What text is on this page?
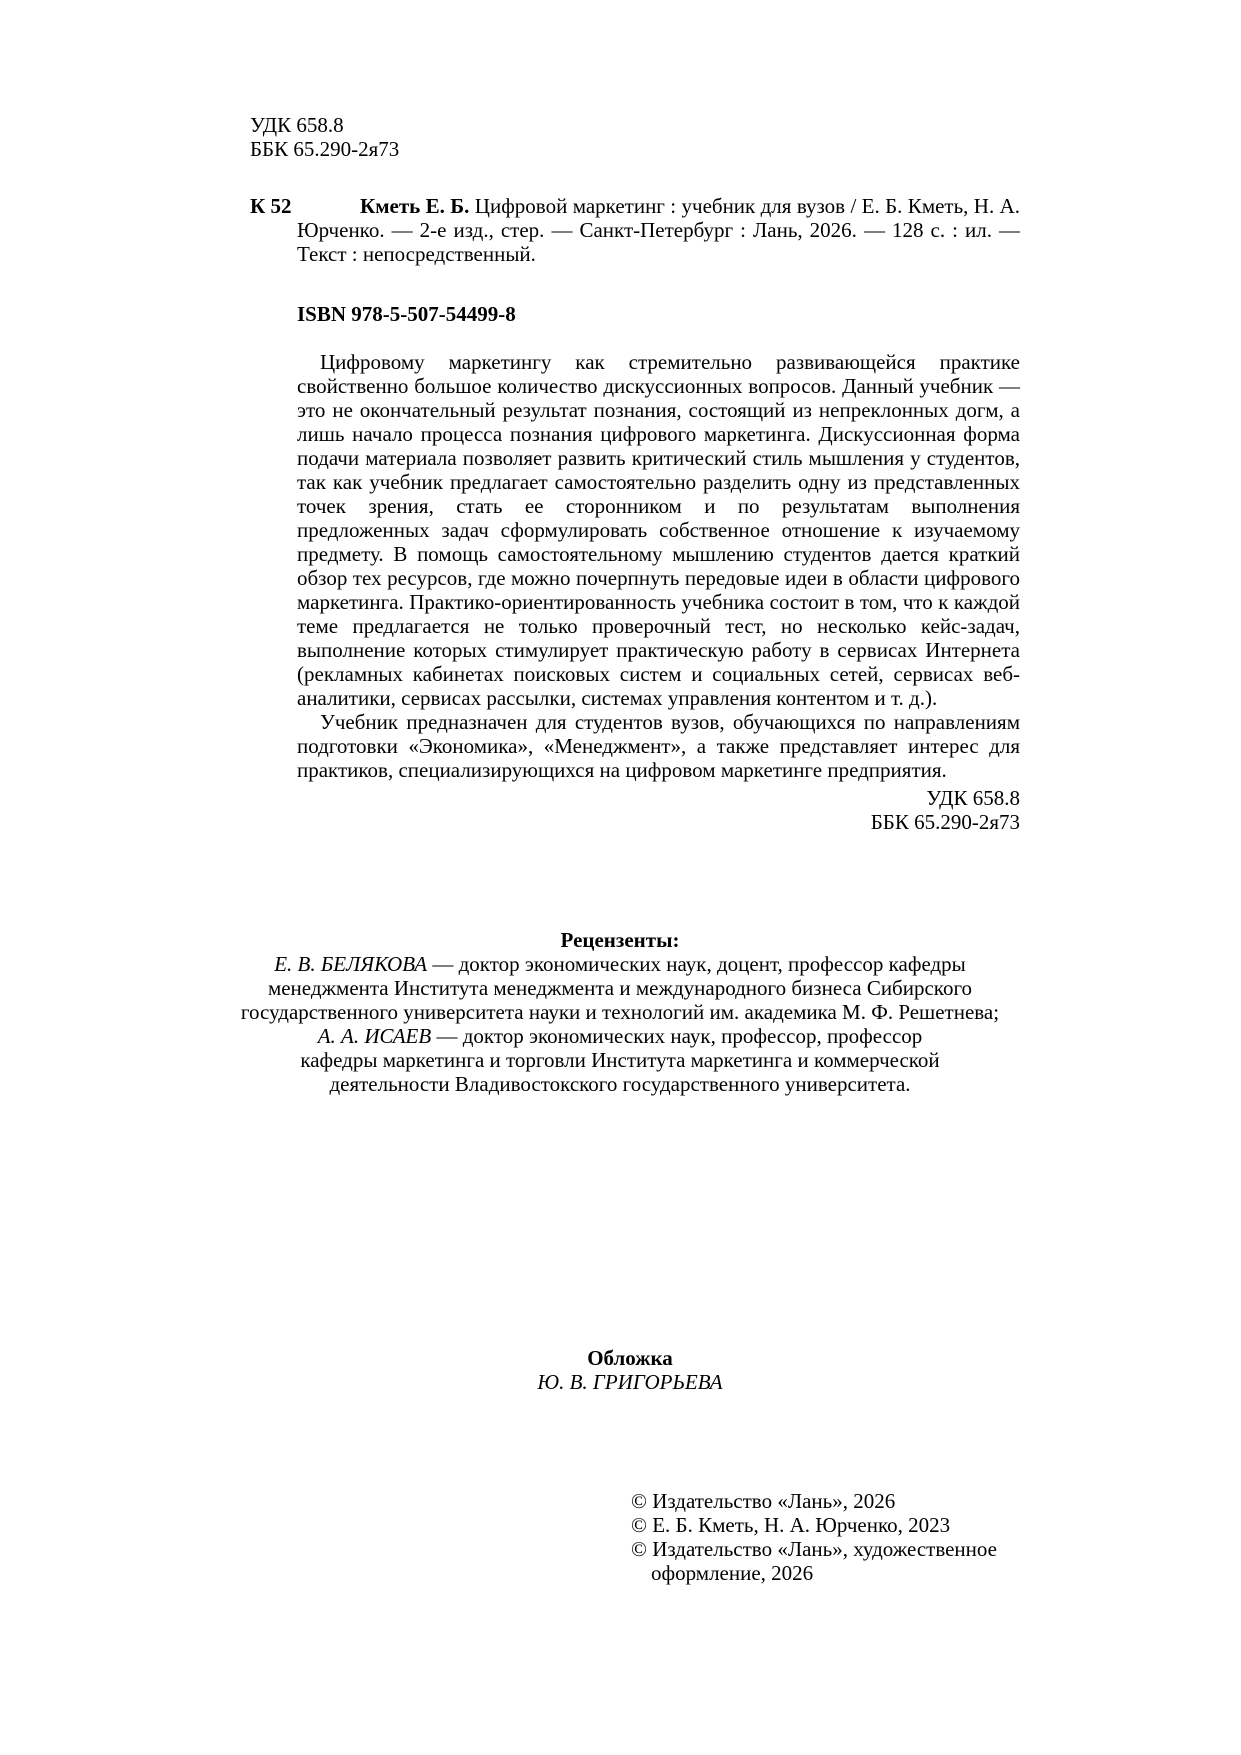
УДК 658.8
ББК 65.290-2я73
К 52	Кметь Е. Б. Цифровой маркетинг : учебник для вузов / Е. Б. Кметь, Н. А. Юрченко. — 2-е изд., стер. — Санкт-Петербург : Лань, 2026. — 128 с. : ил. — Текст : непосредственный.
ISBN 978-5-507-54499-8

Цифровому маркетингу как стремительно развивающейся практике свойственно большое количество дискуссионных вопросов. Данный учебник — это не окончательный результат познания, состоящий из непреклонных догм, а лишь начало процесса познания цифрового маркетинга. Дискуссионная форма подачи материала позволяет развить критический стиль мышления у студентов, так как учебник предлагает самостоятельно разделить одну из представленных точек зрения, стать ее сторонником и по результатам выполнения предложенных задач сформулировать собственное отношение к изучаемому предмету. В помощь самостоятельному мышлению студентов дается краткий обзор тех ресурсов, где можно почерпнуть передовые идеи в области цифрового маркетинга. Практико-ориентированность учебника состоит в том, что к каждой теме предлагается не только проверочный тест, но несколько кейс-задач, выполнение которых стимулирует практическую работу в сервисах Интернета (рекламных кабинетах поисковых систем и социальных сетей, сервисах веб-аналитики, сервисах рассылки, системах управления контентом и т. д.).

Учебник предназначен для студентов вузов, обучающихся по направлениям подготовки «Экономика», «Менеджмент», а также представляет интерес для практиков, специализирующихся на цифровом маркетинге предприятия.

УДК 658.8
ББК 65.290-2я73
Рецензенты:
Е. В. БЕЛЯКОВА — доктор экономических наук, доцент, профессор кафедры
менеджмента Института менеджмента и международного бизнеса Сибирского
государственного университета науки и технологий им. академика М. Ф. Решетнева;
А. А. ИСАЕВ — доктор экономических наук, профессор, профессор
кафедры маркетинга и торговли Института маркетинга и коммерческой
деятельности Владивостокского государственного университета.
Обложка
Ю. В. ГРИГОРЬЕВА
© Издательство «Лань», 2026
© Е. Б. Кметь, Н. А. Юрченко, 2023
© Издательство «Лань», художественное
оформление, 2026
